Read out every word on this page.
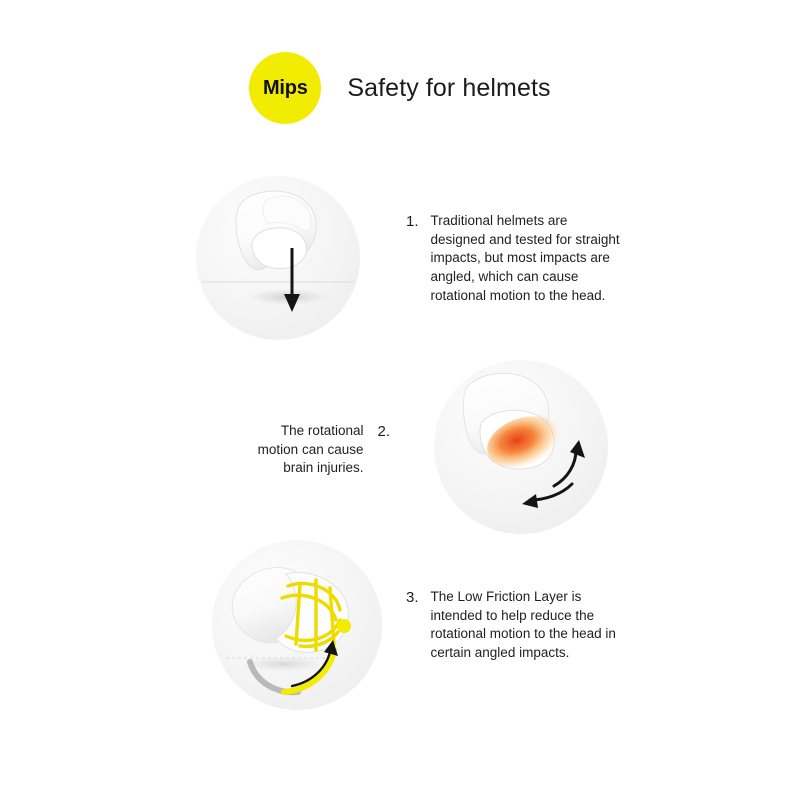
Mips Safety for helmets
1. Traditional helmets are designed and tested for straight impacts, but most impacts are angled, which can cause rotational motion to the head.
2.
The rotational motion can cause brain injuries.
3. The Low Friction Layer is intended to help reduce the rotational motion to the head in certain angled impacts.
